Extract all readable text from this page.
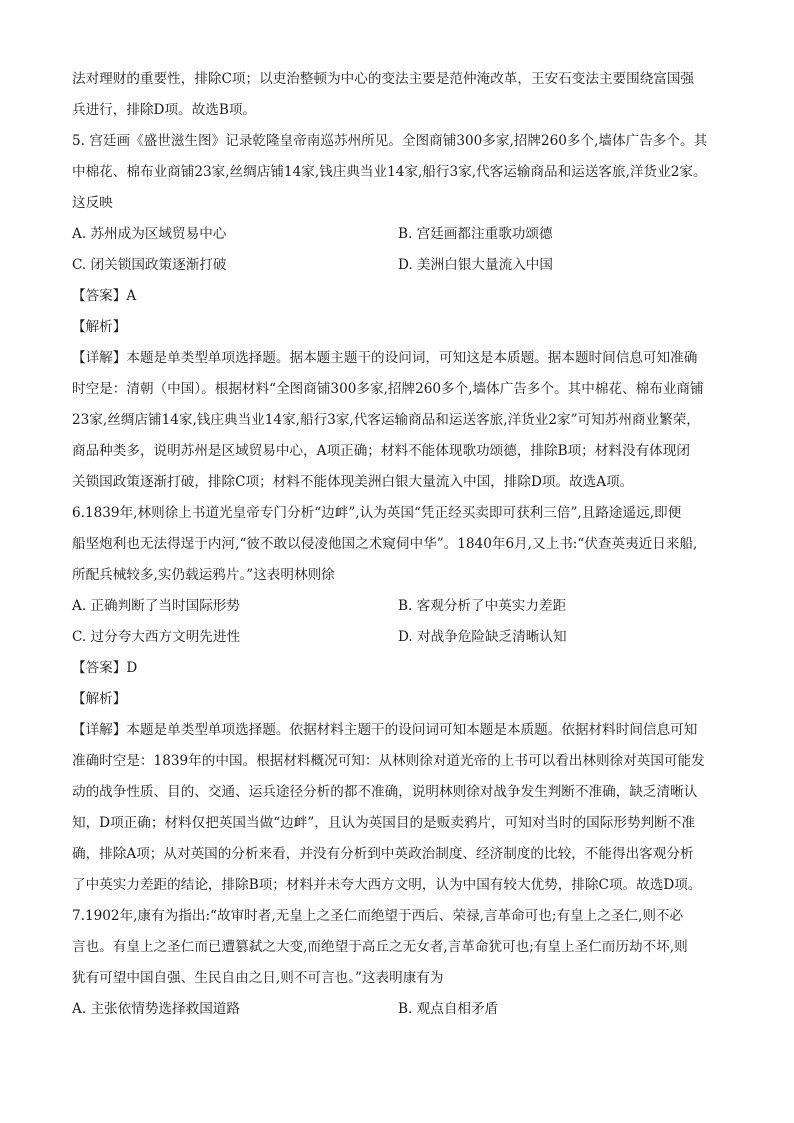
法对理财的重要性，排除C项；以吏治整顿为中心的变法主要是范仲淹改革，王安石变法主要围绕富国强
兵进行，排除D项。故选B项。
5. 宫廷画《盛世滋生图》记录乾隆皇帝南巡苏州所见。全图商铺300多家,招牌260多个,墙体广告多个。其
中棉花、棉布业商铺23家,丝绸店铺14家,钱庄典当业14家,船行3家,代客运输商品和运送客旅,洋货业2家。
这反映
A. 苏州成为区域贸易中心	B. 宫廷画都注重歌功颂德
C. 闭关锁国政策逐渐打破	D. 美洲白银大量流入中国
【答案】A
【解析】
【详解】本题是单类型单项选择题。据本题主题干的设问词，可知这是本质题。据本题时间信息可知准确
时空是：清朝（中国）。根据材料“全图商铺300多家,招牌260多个,墙体广告多个。其中棉花、棉布业商铺
23家,丝绸店铺14家,钱庄典当业14家,船行3家,代客运输商品和运送客旅,洋货业2家”可知苏州商业繁荣，
商品种类多，说明苏州是区域贸易中心，A项正确；材料不能体现歌功颂德，排除B项；材料没有体现闭
关锁国政策逐渐打破，排除C项；材料不能体现美洲白银大量流入中国，排除D项。故选A项。
6.1839年,林则徐上书道光皇帝专门分析“边衅”,认为英国“凭正经买卖即可获利三倍”,且路途遥远,即便
船坚炮利也无法得逞于内河,“彼不敢以侵凌他国之术窥伺中华”。1840年6月,又上书:“伏查英夷近日来船,
所配兵械较多,实仍载运鸦片。”这表明林则徐
A. 正确判断了当时国际形势	B. 客观分析了中英实力差距
C. 过分夸大西方文明先进性	D. 对战争危险缺乏清晰认知
【答案】D
【解析】
【详解】本题是单类型单项选择题。依据材料主题干的设问词可知本题是本质题。依据材料时间信息可知
准确时空是：1839年的中国。根据材料概况可知：从林则徐对道光帝的上书可以看出林则徐对英国可能发
动的战争性质、目的、交通、运兵途径分析的都不准确，说明林则徐对战争发生判断不准确，缺乏清晰认
知，D项正确；材料仅把英国当做“边衅”，且认为英国目的是贩卖鸦片，可知对当时的国际形势判断不准
确，排除A项；从对英国的分析来看，并没有分析到中英政治制度、经济制度的比较，不能得出客观分析
了中英实力差距的结论，排除B项；材料并未夸大西方文明，认为中国有较大优势，排除C项。故选D项。
7.1902年,康有为指出:“故审时者,无皇上之圣仁而绝望于西后、荣禄,言革命可也;有皇上之圣仁,则不必
言也。有皇上之圣仁而已遭篡弑之大变,而绝望于高丘之无女者,言革命犹可也;有皇上圣仁而历劫不坏,则
犹有可望中国自强、生民自由之日,则不可言也。”这表明康有为
A. 主张依情势选择救国道路	B. 观点自相矛盾
